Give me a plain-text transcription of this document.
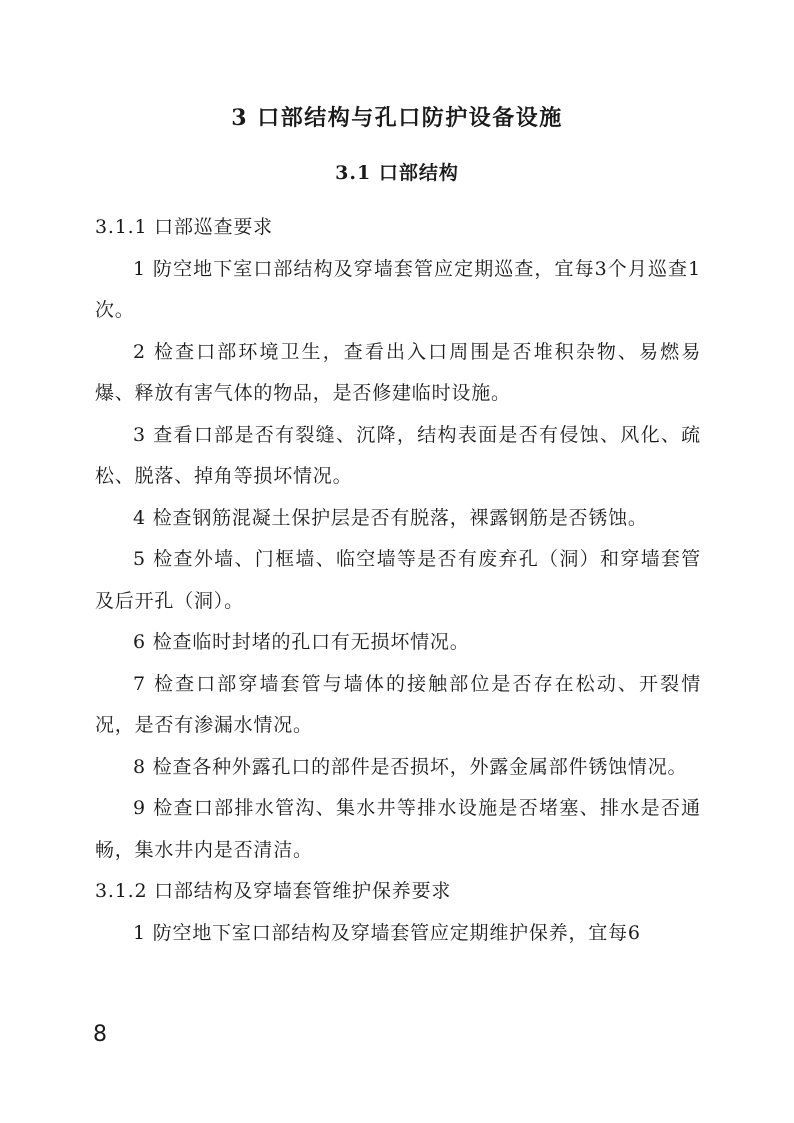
3 口部结构与孔口防护设备设施
3.1 口部结构

3.1.1 口部巡查要求

1 防空地下室口部结构及穿墙套管应定期巡查，宜每3个月巡查1次。

2 检查口部环境卫生，查看出入口周围是否堆积杂物、易燃易爆、释放有害气体的物品，是否修建临时设施。

3 查看口部是否有裂缝、沉降，结构表面是否有侵蚀、风化、疏松、脱落、掉角等损坏情况。

4 检查钢筋混凝土保护层是否有脱落，裸露钢筋是否锈蚀。

5 检查外墙、门框墙、临空墙等是否有废弃孔（洞）和穿墙套管及后开孔（洞）。

6 检查临时封堵的孔口有无损坏情况。

7 检查口部穿墙套管与墙体的接触部位是否存在松动、开裂情况，是否有渗漏水情况。

8 检查各种外露孔口的部件是否损坏，外露金属部件锈蚀情况。

9 检查口部排水管沟、集水井等排水设施是否堵塞、排水是否通畅，集水井内是否清洁。

3.1.2 口部结构及穿墙套管维护保养要求

1 防空地下室口部结构及穿墙套管应定期维护保养，宜每6

8
